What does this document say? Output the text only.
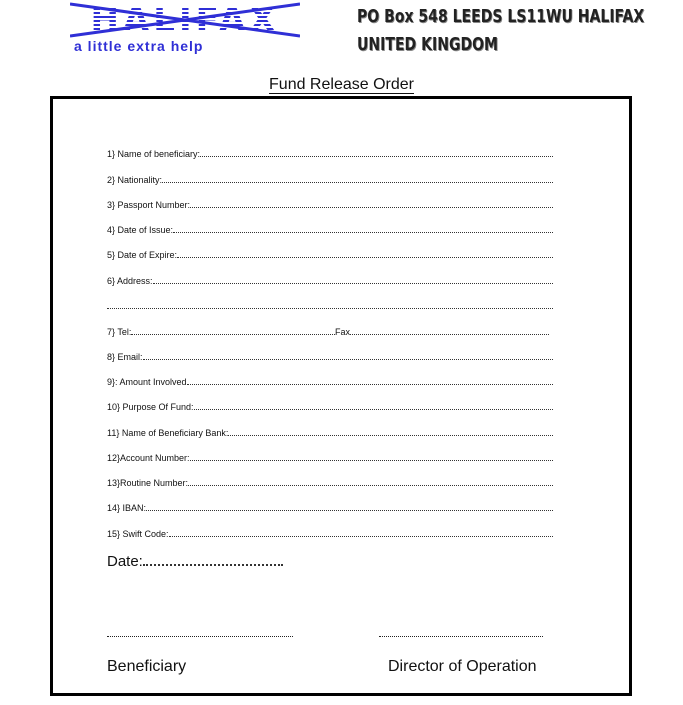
HALIFAX
a little extra help
PO Box 548 LEEDS LS11WU HALIFAX
UNITED KINGDOM
Fund Release Order
1} Name of beneficiary:
2} Nationality:
3} Passport Number:
4} Date of Issue:
5} Date of Expire:
6} Address:
7} Tel:	Fax
8} Email:
9}: Amount Involved
10} Purpose Of Fund:
11} Name of Beneficiary Bank:
12}Account Number:
13}Routine Number:
14} IBAN:
15} Swift Code:
Date:
Beneficiary	Director of Operation
